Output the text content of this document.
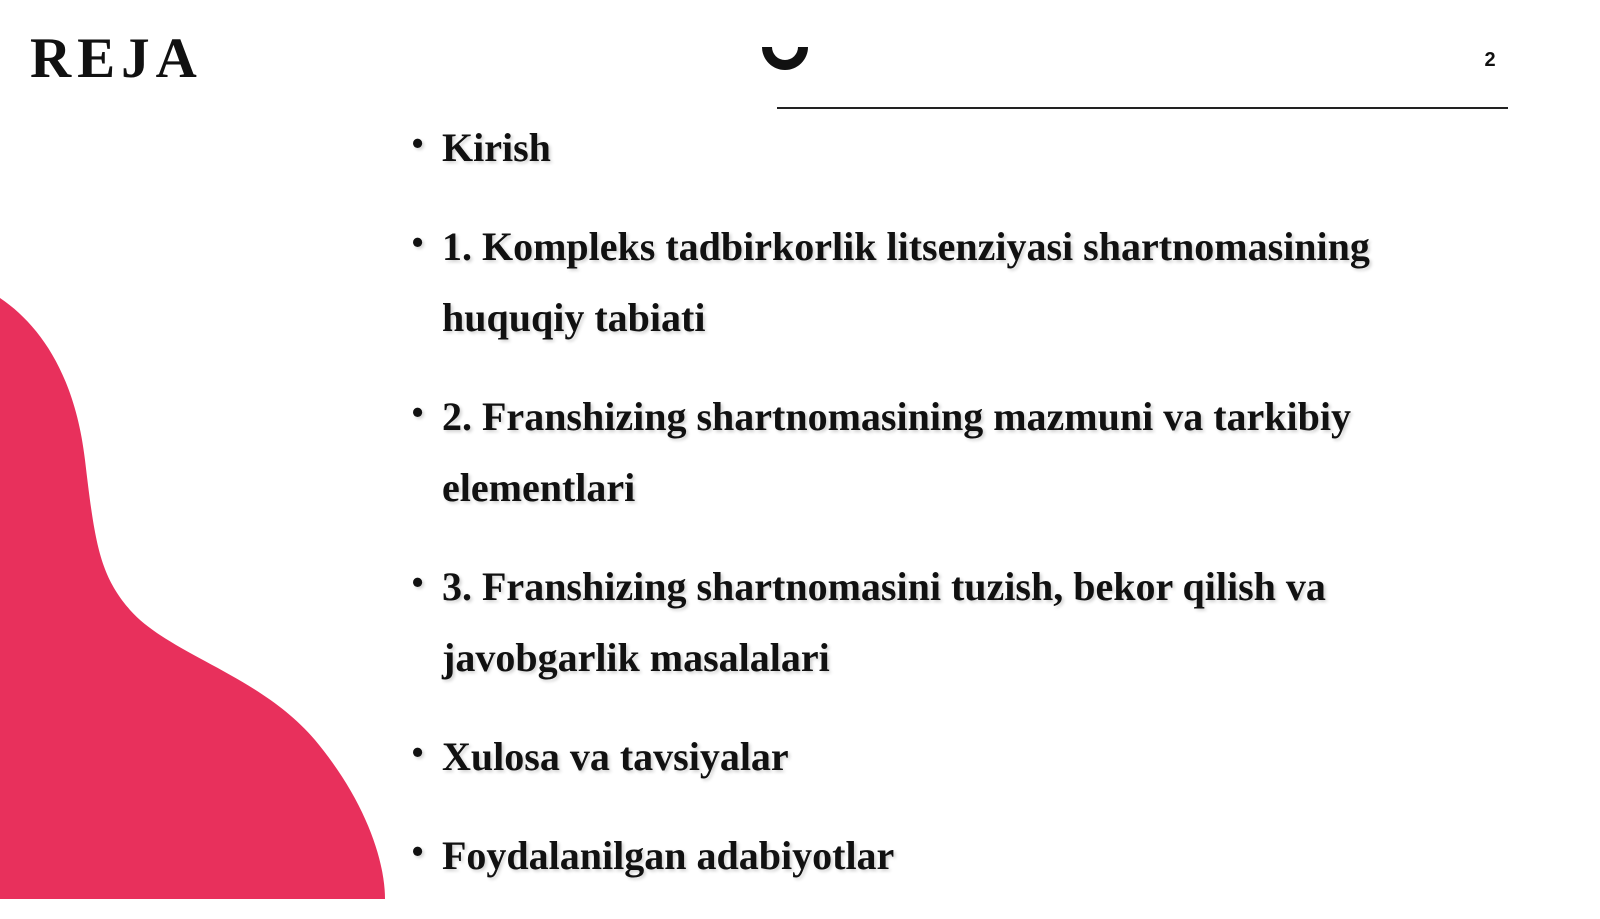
REJA	2
• Kirish
• 1. Kompleks tadbirkorlik litsenziyasi shartnomasining huquqiy tabiati
• 2. Franshizing shartnomasining mazmuni va tarkibiy elementlari
• 3. Franshizing shartnomasini tuzish, bekor qilish va javobgarlik masalalari
• Xulosa va tavsiyalar
• Foydalanilgan adabiyotlar
